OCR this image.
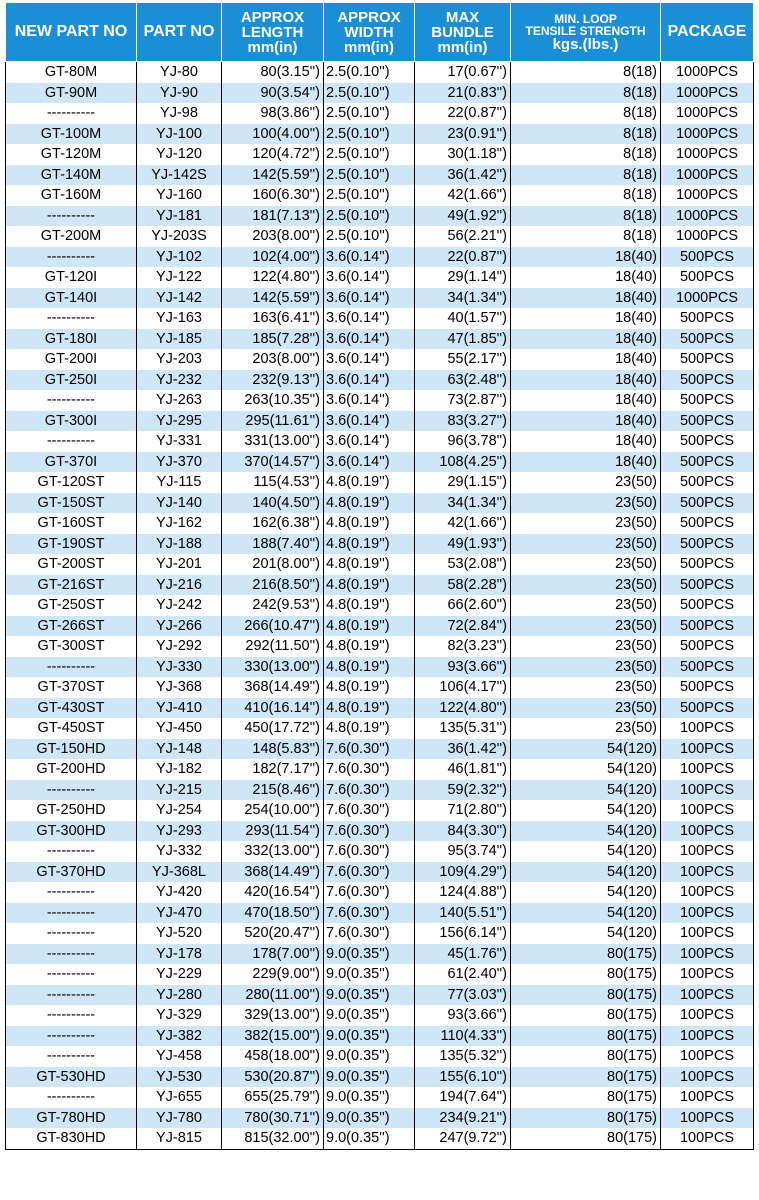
NEW PART NO	PART NO	APPROX
LENGTH
mm(in)	APPROX
WIDTH
mm(in)	MAX
BUNDLE
mm(in)	MIN. LOOP
TENSILE STRENGTH
kgs.(lbs.)	PACKAGE
GT-80M	YJ-80	80(3.15'')	2.5(0.10'')	17(0.67'')	8(18)	1000PCS
GT-90M	YJ-90	90(3.54'')	2.5(0.10'')	21(0.83'')	8(18)	1000PCS
----------	YJ-98	98(3.86'')	2.5(0.10'')	22(0.87'')	8(18)	1000PCS
GT-100M	YJ-100	100(4.00'')	2.5(0.10'')	23(0.91'')	8(18)	1000PCS
GT-120M	YJ-120	120(4.72'')	2.5(0.10'')	30(1.18'')	8(18)	1000PCS
GT-140M	YJ-142S	142(5.59'')	2.5(0.10'')	36(1.42'')	8(18)	1000PCS
GT-160M	YJ-160	160(6.30'')	2.5(0.10'')	42(1.66'')	8(18)	1000PCS
----------	YJ-181	181(7.13'')	2.5(0.10'')	49(1.92'')	8(18)	1000PCS
GT-200M	YJ-203S	203(8.00'')	2.5(0.10'')	56(2.21'')	8(18)	1000PCS
----------	YJ-102	102(4.00'')	3.6(0.14'')	22(0.87'')	18(40)	500PCS
GT-120I	YJ-122	122(4.80'')	3.6(0.14'')	29(1.14'')	18(40)	500PCS
GT-140I	YJ-142	142(5.59'')	3.6(0.14'')	34(1.34'')	18(40)	1000PCS
----------	YJ-163	163(6.41'')	3.6(0.14'')	40(1.57'')	18(40)	500PCS
GT-180I	YJ-185	185(7.28'')	3.6(0.14'')	47(1.85'')	18(40)	500PCS
GT-200I	YJ-203	203(8.00'')	3.6(0.14'')	55(2.17'')	18(40)	500PCS
GT-250I	YJ-232	232(9.13'')	3.6(0.14'')	63(2.48'')	18(40)	500PCS
----------	YJ-263	263(10.35'')	3.6(0.14'')	73(2.87'')	18(40)	500PCS
GT-300I	YJ-295	295(11.61'')	3.6(0.14'')	83(3.27'')	18(40)	500PCS
----------	YJ-331	331(13.00'')	3.6(0.14'')	96(3.78'')	18(40)	500PCS
GT-370I	YJ-370	370(14.57'')	3.6(0.14'')	108(4.25'')	18(40)	500PCS
GT-120ST	YJ-115	115(4.53'')	4.8(0.19'')	29(1.15'')	23(50)	500PCS
GT-150ST	YJ-140	140(4.50'')	4.8(0.19'')	34(1.34'')	23(50)	500PCS
GT-160ST	YJ-162	162(6.38'')	4.8(0.19'')	42(1.66'')	23(50)	500PCS
GT-190ST	YJ-188	188(7.40'')	4.8(0.19'')	49(1.93'')	23(50)	500PCS
GT-200ST	YJ-201	201(8.00'')	4.8(0.19'')	53(2.08'')	23(50)	500PCS
GT-216ST	YJ-216	216(8.50'')	4.8(0.19'')	58(2.28'')	23(50)	500PCS
GT-250ST	YJ-242	242(9.53'')	4.8(0.19'')	66(2.60'')	23(50)	500PCS
GT-266ST	YJ-266	266(10.47'')	4.8(0.19'')	72(2.84'')	23(50)	500PCS
GT-300ST	YJ-292	292(11.50'')	4.8(0.19'')	82(3.23'')	23(50)	500PCS
----------	YJ-330	330(13.00'')	4.8(0.19'')	93(3.66'')	23(50)	500PCS
GT-370ST	YJ-368	368(14.49'')	4.8(0.19'')	106(4.17'')	23(50)	500PCS
GT-430ST	YJ-410	410(16.14'')	4.8(0.19'')	122(4.80'')	23(50)	500PCS
GT-450ST	YJ-450	450(17.72'')	4.8(0.19'')	135(5.31'')	23(50)	100PCS
GT-150HD	YJ-148	148(5.83'')	7.6(0.30'')	36(1.42'')	54(120)	100PCS
GT-200HD	YJ-182	182(7.17'')	7.6(0.30'')	46(1.81'')	54(120)	100PCS
----------	YJ-215	215(8.46'')	7.6(0.30'')	59(2.32'')	54(120)	100PCS
GT-250HD	YJ-254	254(10.00'')	7.6(0.30'')	71(2.80'')	54(120)	100PCS
GT-300HD	YJ-293	293(11.54'')	7.6(0.30'')	84(3.30'')	54(120)	100PCS
----------	YJ-332	332(13.00'')	7.6(0.30'')	95(3.74'')	54(120)	100PCS
GT-370HD	YJ-368L	368(14.49'')	7.6(0.30'')	109(4.29'')	54(120)	100PCS
----------	YJ-420	420(16.54'')	7.6(0.30'')	124(4.88'')	54(120)	100PCS
----------	YJ-470	470(18.50'')	7.6(0.30'')	140(5.51'')	54(120)	100PCS
----------	YJ-520	520(20.47'')	7.6(0.30'')	156(6.14'')	54(120)	100PCS
----------	YJ-178	178(7.00'')	9.0(0.35'')	45(1.76'')	80(175)	100PCS
----------	YJ-229	229(9.00'')	9.0(0.35'')	61(2.40'')	80(175)	100PCS
----------	YJ-280	280(11.00'')	9.0(0.35'')	77(3.03'')	80(175)	100PCS
----------	YJ-329	329(13.00'')	9.0(0.35'')	93(3.66'')	80(175)	100PCS
----------	YJ-382	382(15.00'')	9.0(0.35'')	110(4.33'')	80(175)	100PCS
----------	YJ-458	458(18.00'')	9.0(0.35'')	135(5.32'')	80(175)	100PCS
GT-530HD	YJ-530	530(20.87'')	9.0(0.35'')	155(6.10'')	80(175)	100PCS
----------	YJ-655	655(25.79'')	9.0(0.35'')	194(7.64'')	80(175)	100PCS
GT-780HD	YJ-780	780(30.71'')	9.0(0.35'')	234(9.21'')	80(175)	100PCS
GT-830HD	YJ-815	815(32.00'')	9.0(0.35'')	247(9.72'')	80(175)	100PCS
